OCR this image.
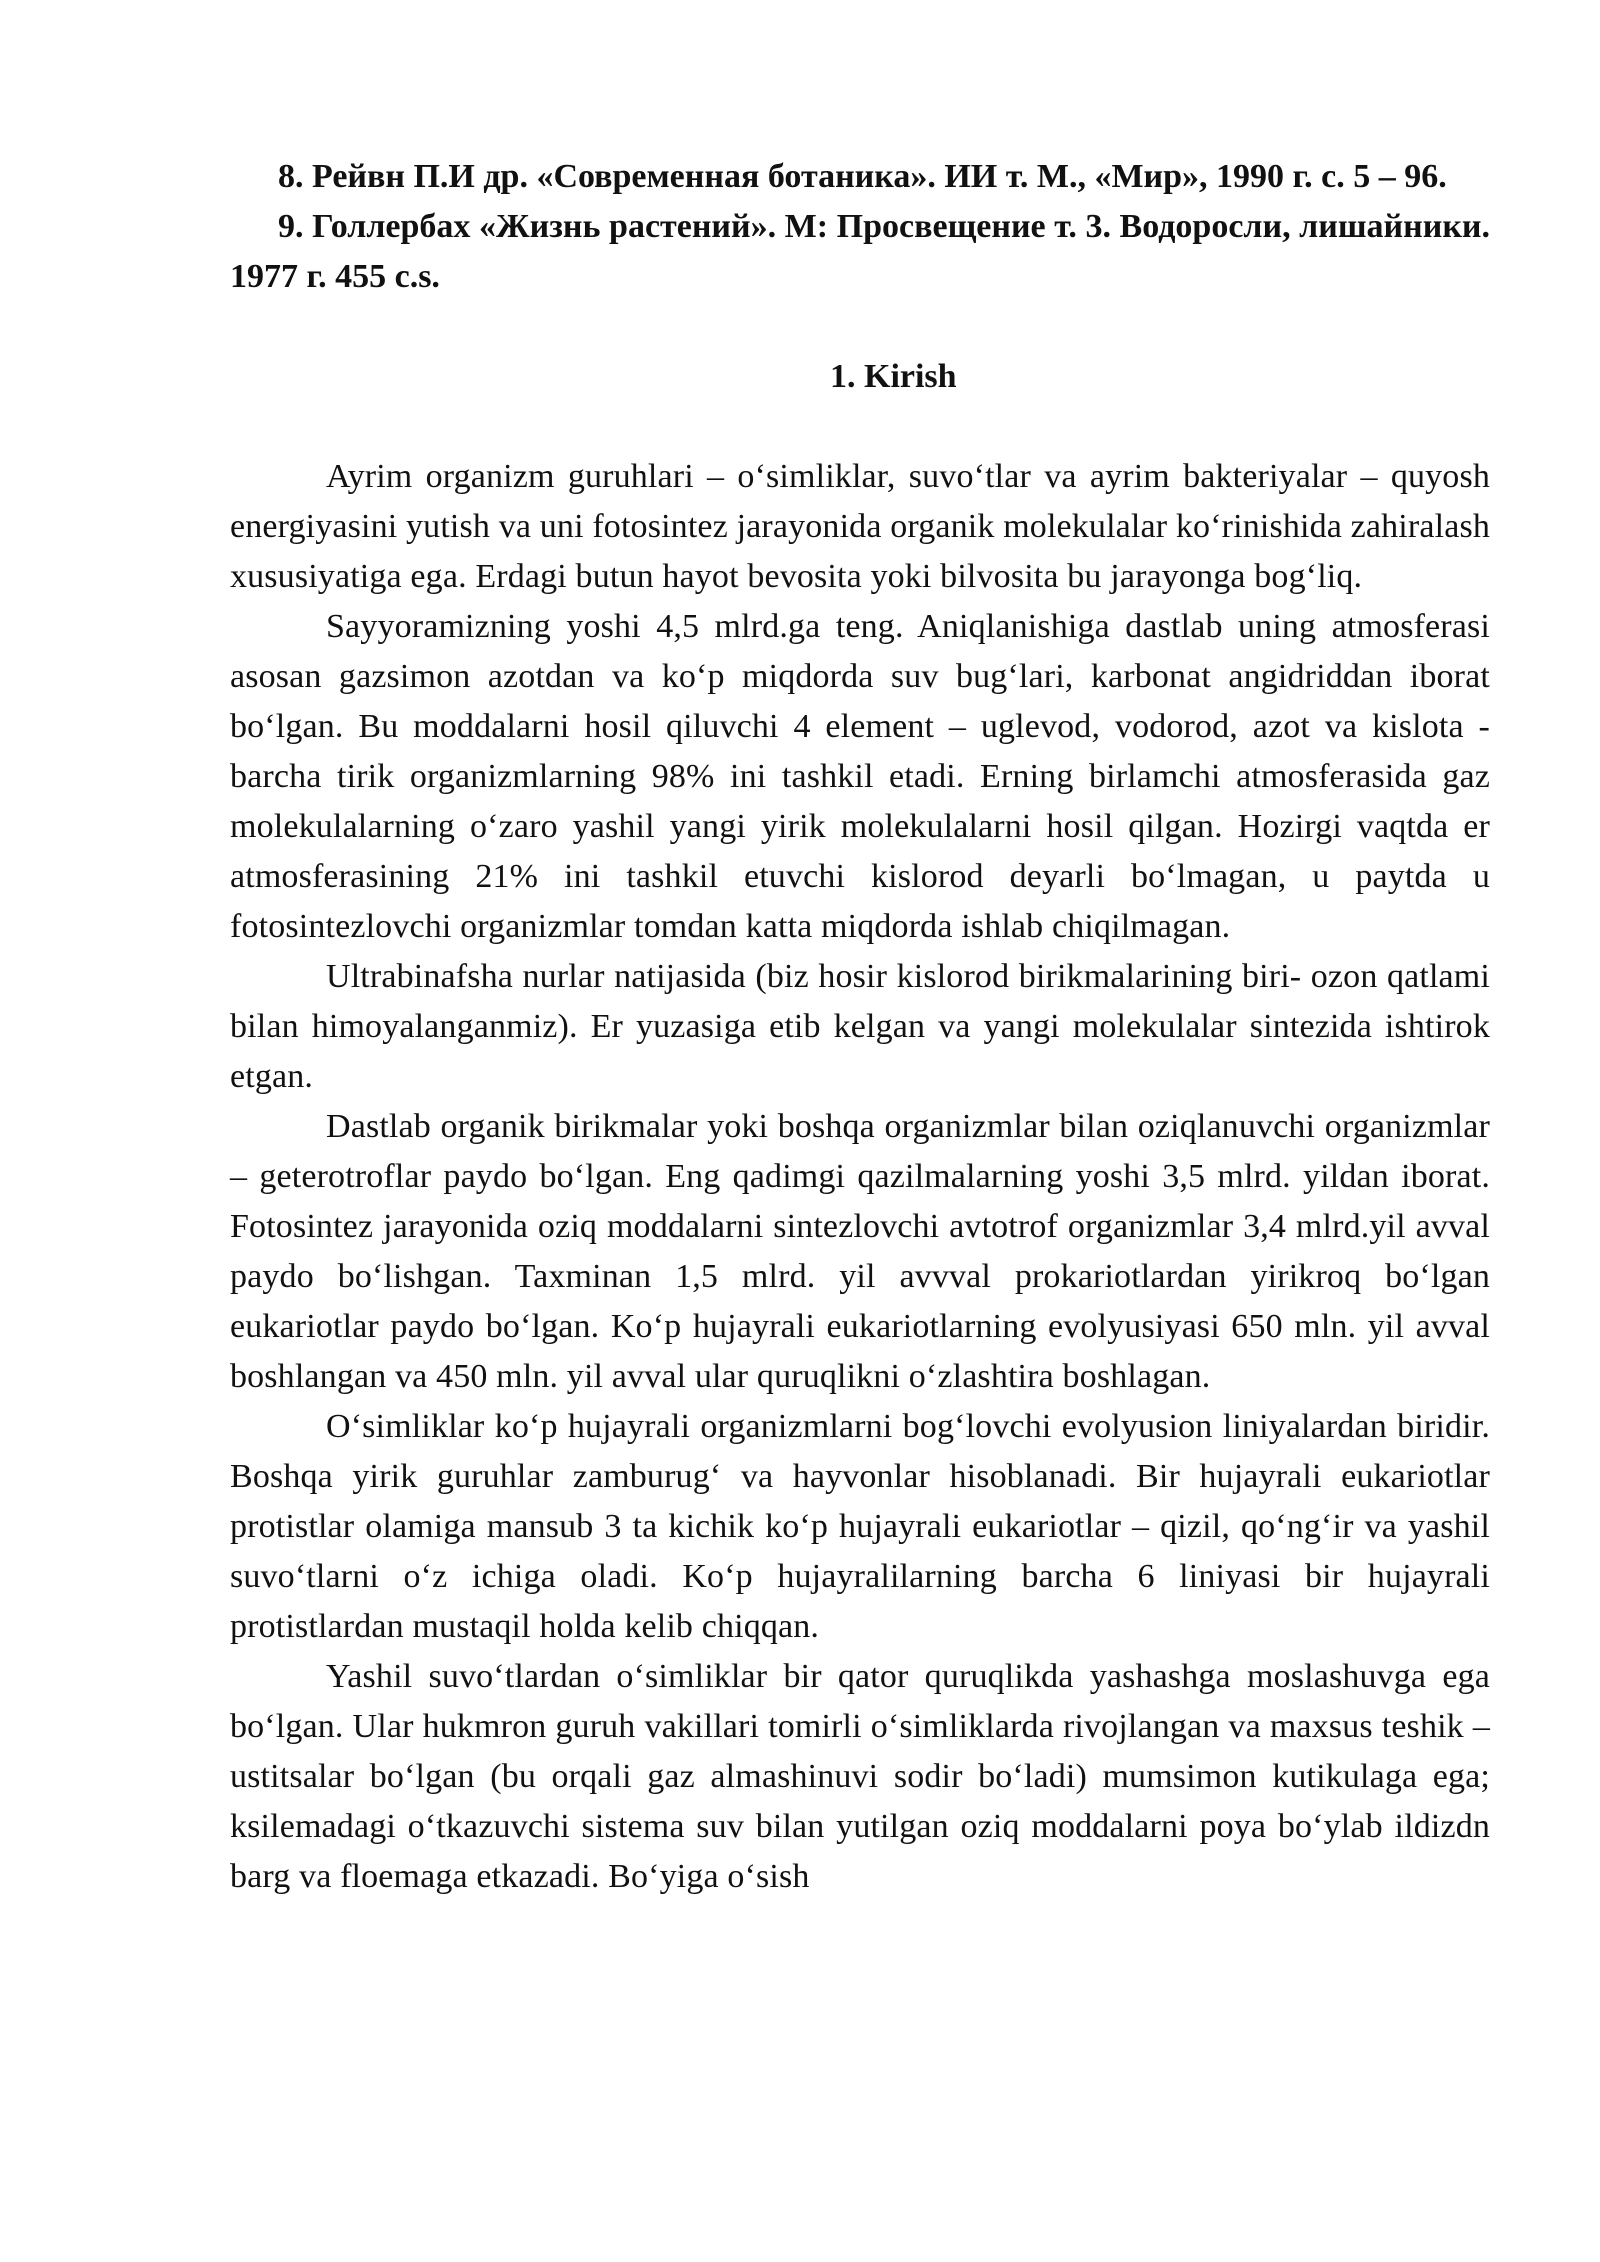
8. Рейвн П.И др. «Современная ботаника». ИИ т. М., «Мир», 1990 г. с. 5 – 96.

9. Голлербах «Жизнь растений». М: Просвещение т. 3. Водоросли, лишайники. 1977 г. 455 c.s.

1. Kirish

Ayrim organizm guruhlari – o‘simliklar, suvo‘tlar va ayrim bakteriyalar – quyosh energiyasini yutish va uni fotosintez jarayonida organik molekulalar ko‘rinishida zahiralash xususiyatiga ega. Erdagi butun hayot bevosita yoki bilvosita bu jarayonga bog‘liq.

Sayyoramizning yoshi 4,5 mlrd.ga teng. Aniqlanishiga dastlab uning atmosferasi asosan gazsimon azotdan va ko‘p miqdorda suv bug‘lari, karbonat angidriddan iborat bo‘lgan. Bu moddalarni hosil qiluvchi 4 element – uglevod, vodorod, azot va kislota - barcha tirik organizmlarning 98% ini tashkil etadi. Erning birlamchi atmosferasida gaz molekulalarning o‘zaro yashil yangi yirik molekulalarni hosil qilgan. Hozirgi vaqtda er atmosferasining 21% ini tashkil etuvchi kislorod deyarli bo‘lmagan, u paytda u fotosintezlovchi organizmlar tomdan katta miqdorda ishlab chiqilmagan.

Ultrabinafsha nurlar natijasida (biz hosir kislorod birikmalarining biri- ozon qatlami bilan himoyalanganmiz). Er yuzasiga etib kelgan va yangi molekulalar sintezida ishtirok etgan.

Dastlab organik birikmalar yoki boshqa organizmlar bilan oziqlanuvchi organizmlar – geterotroflar paydo bo‘lgan. Eng qadimgi qazilmalarning yoshi 3,5 mlrd. yildan iborat. Fotosintez jarayonida oziq moddalarni sintezlovchi avtotrof organizmlar 3,4 mlrd.yil avval paydo bo‘lishgan. Taxminan 1,5 mlrd. yil avvval prokariotlardan yirikroq bo‘lgan eukariotlar paydo bo‘lgan. Ko‘p hujayrali eukariotlarning evolyusiyasi 650 mln. yil avval boshlangan va 450 mln. yil avval ular quruqlikni o‘zlashtira boshlagan.

O‘simliklar ko‘p hujayrali organizmlarni bog‘lovchi evolyusion liniyalardan biridir. Boshqa yirik guruhlar zamburug‘ va hayvonlar hisoblanadi. Bir hujayrali eukariotlar protistlar olamiga mansub 3 ta kichik ko‘p hujayrali eukariotlar – qizil, qo‘ng‘ir va yashil suvo‘tlarni o‘z ichiga oladi. Ko‘p hujayralilarning barcha 6 liniyasi bir hujayrali protistlardan mustaqil holda kelib chiqqan.

Yashil suvo‘tlardan o‘simliklar bir qator quruqlikda yashashga moslashuvga ega bo‘lgan. Ular hukmron guruh vakillari tomirli o‘simliklarda rivojlangan va maxsus teshik – ustitsalar bo‘lgan (bu orqali gaz almashinuvi sodir bo‘ladi) mumsimon kutikulaga ega; ksilemadagi o‘tkazuvchi sistema suv bilan yutilgan oziq moddalarni poya bo‘ylab ildizdn barg va floemaga etkazadi. Bo‘yiga o‘sish
